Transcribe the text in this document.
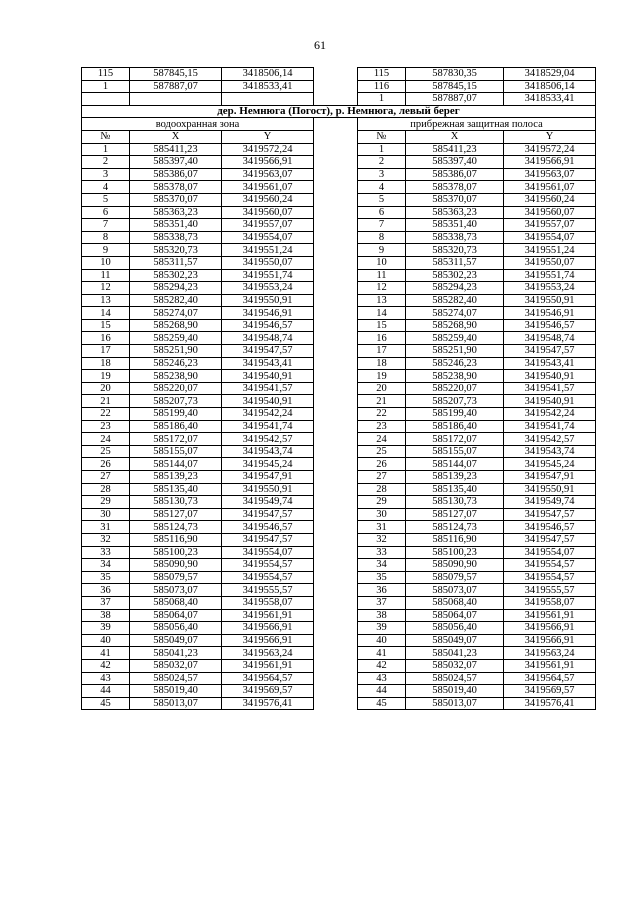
61
115	587845,15	3418506,14		115	587830,35	3418529,04
1	587887,07	3418533,41		116	587845,15	3418506,14
				1	587887,07	3418533,41
дер. Немнюга (Погост), р. Немнюга, левый берег						
водоохранная зона				прибрежная защитная полоса		
№	X	Y		№	X	Y
1	585411,23	3419572,24		1	585411,23	3419572,24
2	585397,40	3419566,91		2	585397,40	3419566,91
3	585386,07	3419563,07		3	585386,07	3419563,07
4	585378,07	3419561,07		4	585378,07	3419561,07
5	585370,07	3419560,24		5	585370,07	3419560,24
6	585363,23	3419560,07		6	585363,23	3419560,07
7	585351,40	3419557,07		7	585351,40	3419557,07
8	585338,73	3419554,07		8	585338,73	3419554,07
9	585320,73	3419551,24		9	585320,73	3419551,24
10	585311,57	3419550,07		10	585311,57	3419550,07
11	585302,23	3419551,74		11	585302,23	3419551,74
12	585294,23	3419553,24		12	585294,23	3419553,24
13	585282,40	3419550,91		13	585282,40	3419550,91
14	585274,07	3419546,91		14	585274,07	3419546,91
15	585268,90	3419546,57		15	585268,90	3419546,57
16	585259,40	3419548,74		16	585259,40	3419548,74
17	585251,90	3419547,57		17	585251,90	3419547,57
18	585246,23	3419543,41		18	585246,23	3419543,41
19	585238,90	3419540,91		19	585238,90	3419540,91
20	585220,07	3419541,57		20	585220,07	3419541,57
21	585207,73	3419540,91		21	585207,73	3419540,91
22	585199,40	3419542,24		22	585199,40	3419542,24
23	585186,40	3419541,74		23	585186,40	3419541,74
24	585172,07	3419542,57		24	585172,07	3419542,57
25	585155,07	3419543,74		25	585155,07	3419543,74
26	585144,07	3419545,24		26	585144,07	3419545,24
27	585139,23	3419547,91		27	585139,23	3419547,91
28	585135,40	3419550,91		28	585135,40	3419550,91
29	585130,73	3419549,74		29	585130,73	3419549,74
30	585127,07	3419547,57		30	585127,07	3419547,57
31	585124,73	3419546,57		31	585124,73	3419546,57
32	585116,90	3419547,57		32	585116,90	3419547,57
33	585100,23	3419554,07		33	585100,23	3419554,07
34	585090,90	3419554,57		34	585090,90	3419554,57
35	585079,57	3419554,57		35	585079,57	3419554,57
36	585073,07	3419555,57		36	585073,07	3419555,57
37	585068,40	3419558,07		37	585068,40	3419558,07
38	585064,07	3419561,91		38	585064,07	3419561,91
39	585056,40	3419566,91		39	585056,40	3419566,91
40	585049,07	3419566,91		40	585049,07	3419566,91
41	585041,23	3419563,24		41	585041,23	3419563,24
42	585032,07	3419561,91		42	585032,07	3419561,91
43	585024,57	3419564,57		43	585024,57	3419564,57
44	585019,40	3419569,57		44	585019,40	3419569,57
45	585013,07	3419576,41		45	585013,07	3419576,41
